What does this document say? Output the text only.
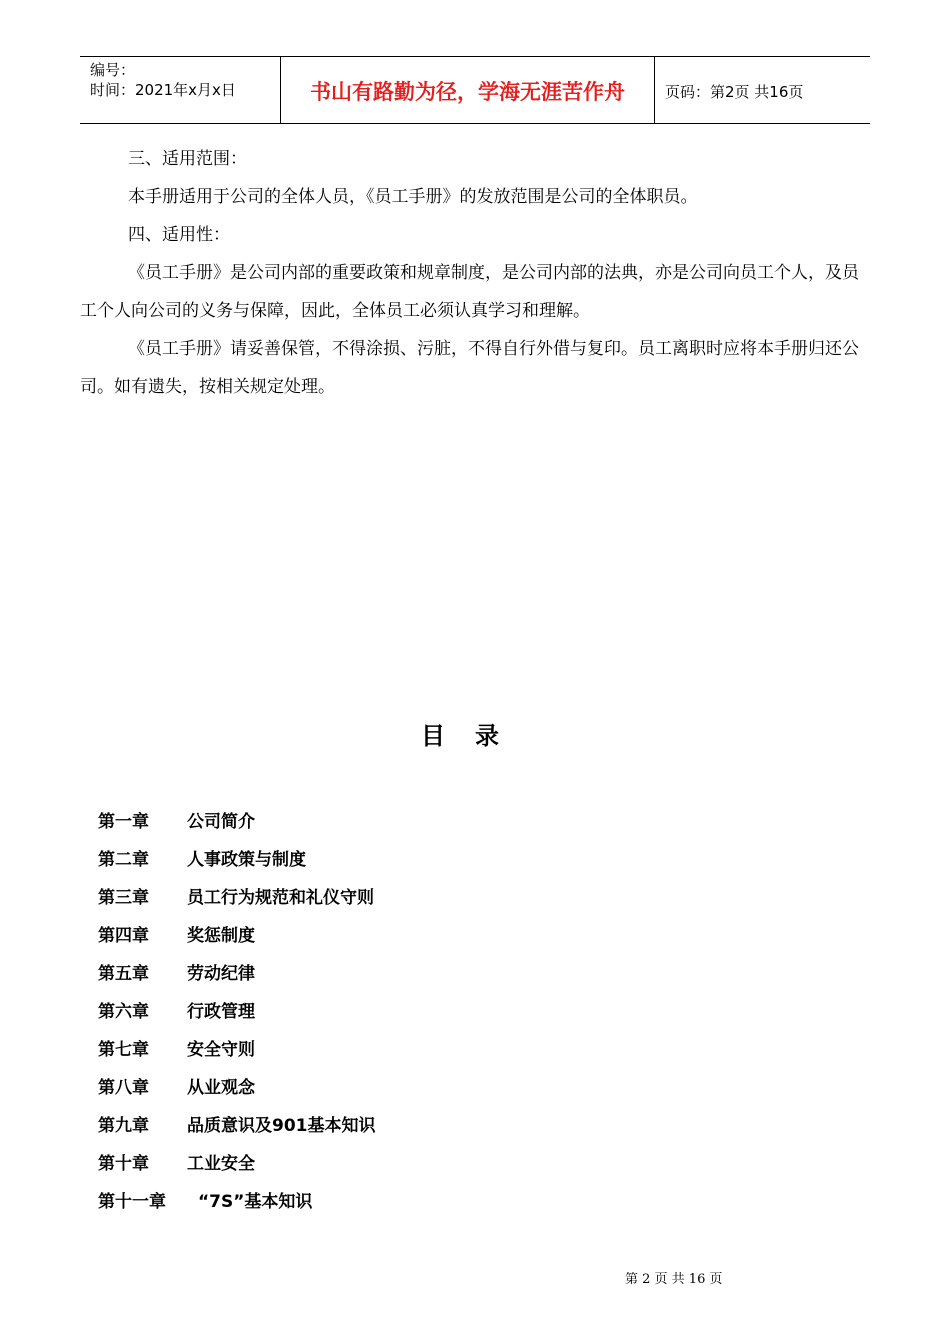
编号：
时间：2021年x月x日	书山有路勤为径，学海无涯苦作舟	页码：第2页 共16页

三、适用范围：

本手册适用于公司的全体人员，《员工手册》的发放范围是公司的全体职员。

四、适用性：

《员工手册》是公司内部的重要政策和规章制度，是公司内部的法典，亦是公司向员工个人，及员工个人向公司的义务与保障，因此，全体员工必须认真学习和理解。

《员工手册》请妥善保管，不得涂损、污脏，不得自行外借与复印。员工离职时应将本手册归还公司。如有遗失，按相关规定处理。

目录
第一章	公司简介
第二章	人事政策与制度
第三章	员工行为规范和礼仪守则
第四章	奖惩制度
第五章	劳动纪律
第六章	行政管理
第七章	安全守则
第八章	从业观念
第九章	品质意识及901基本知识
第十章	工业安全
第十一章	“7S”基本知识
第 2 页 共 16 页
